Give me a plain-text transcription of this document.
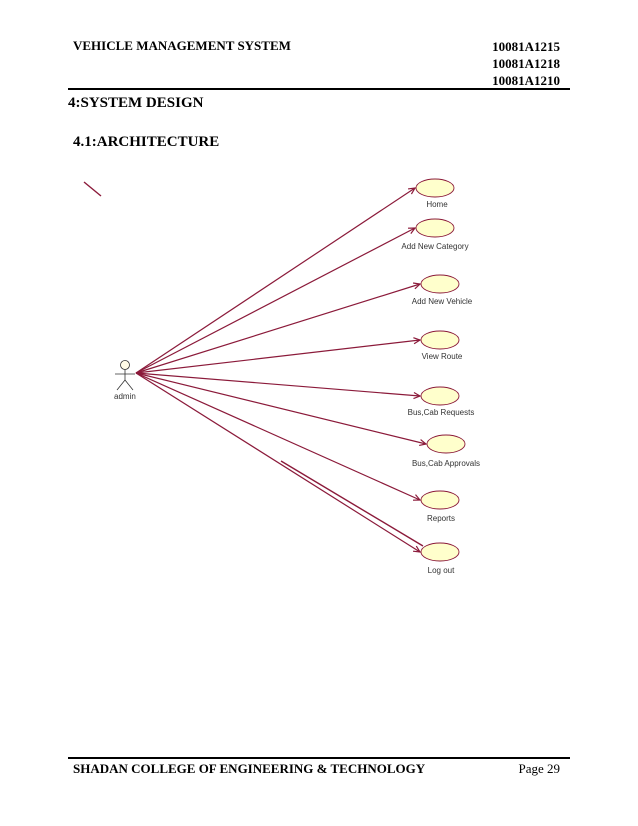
VEHICLE MANAGEMENT SYSTEM	10081A1215
10081A1218
10081A1210
4:SYSTEM DESIGN
4.1:ARCHITECTURE
admin
Home
Add New Category
Add New Vehicle
View Route
Bus,Cab Requests
Bus,Cab Approvals
Reports
Log out
SHADAN COLLEGE OF ENGINEERING & TECHNOLOGY	Page 29
